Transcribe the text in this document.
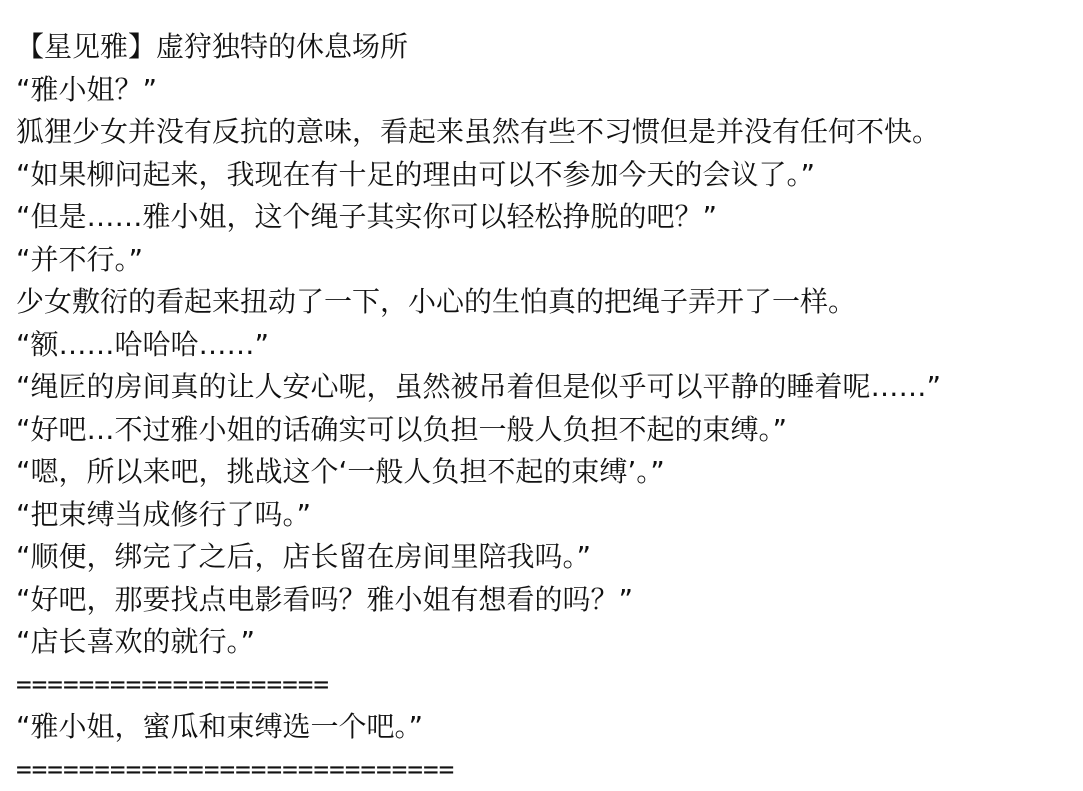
【星见雅】虚狩独特的休息场所
“雅小姐？”
狐狸少女并没有反抗的意味，看起来虽然有些不习惯但是并没有任何不快。
“如果柳问起来，我现在有十足的理由可以不参加今天的会议了。”
“但是……雅小姐，这个绳子其实你可以轻松挣脱的吧？”
“并不行。”
少女敷衍的看起来扭动了一下，小心的生怕真的把绳子弄开了一样。
“额……哈哈哈……”
“绳匠的房间真的让人安心呢，虽然被吊着但是似乎可以平静的睡着呢……”
“好吧…不过雅小姐的话确实可以负担一般人负担不起的束缚。”
“嗯，所以来吧，挑战这个‘一般人负担不起的束缚’。”
“把束缚当成修行了吗。”
“顺便，绑完了之后，店长留在房间里陪我吗。”
“好吧，那要找点电影看吗？雅小姐有想看的吗？”
“店长喜欢的就行。”
====================
“雅小姐，蜜瓜和束缚选一个吧。”
============================
